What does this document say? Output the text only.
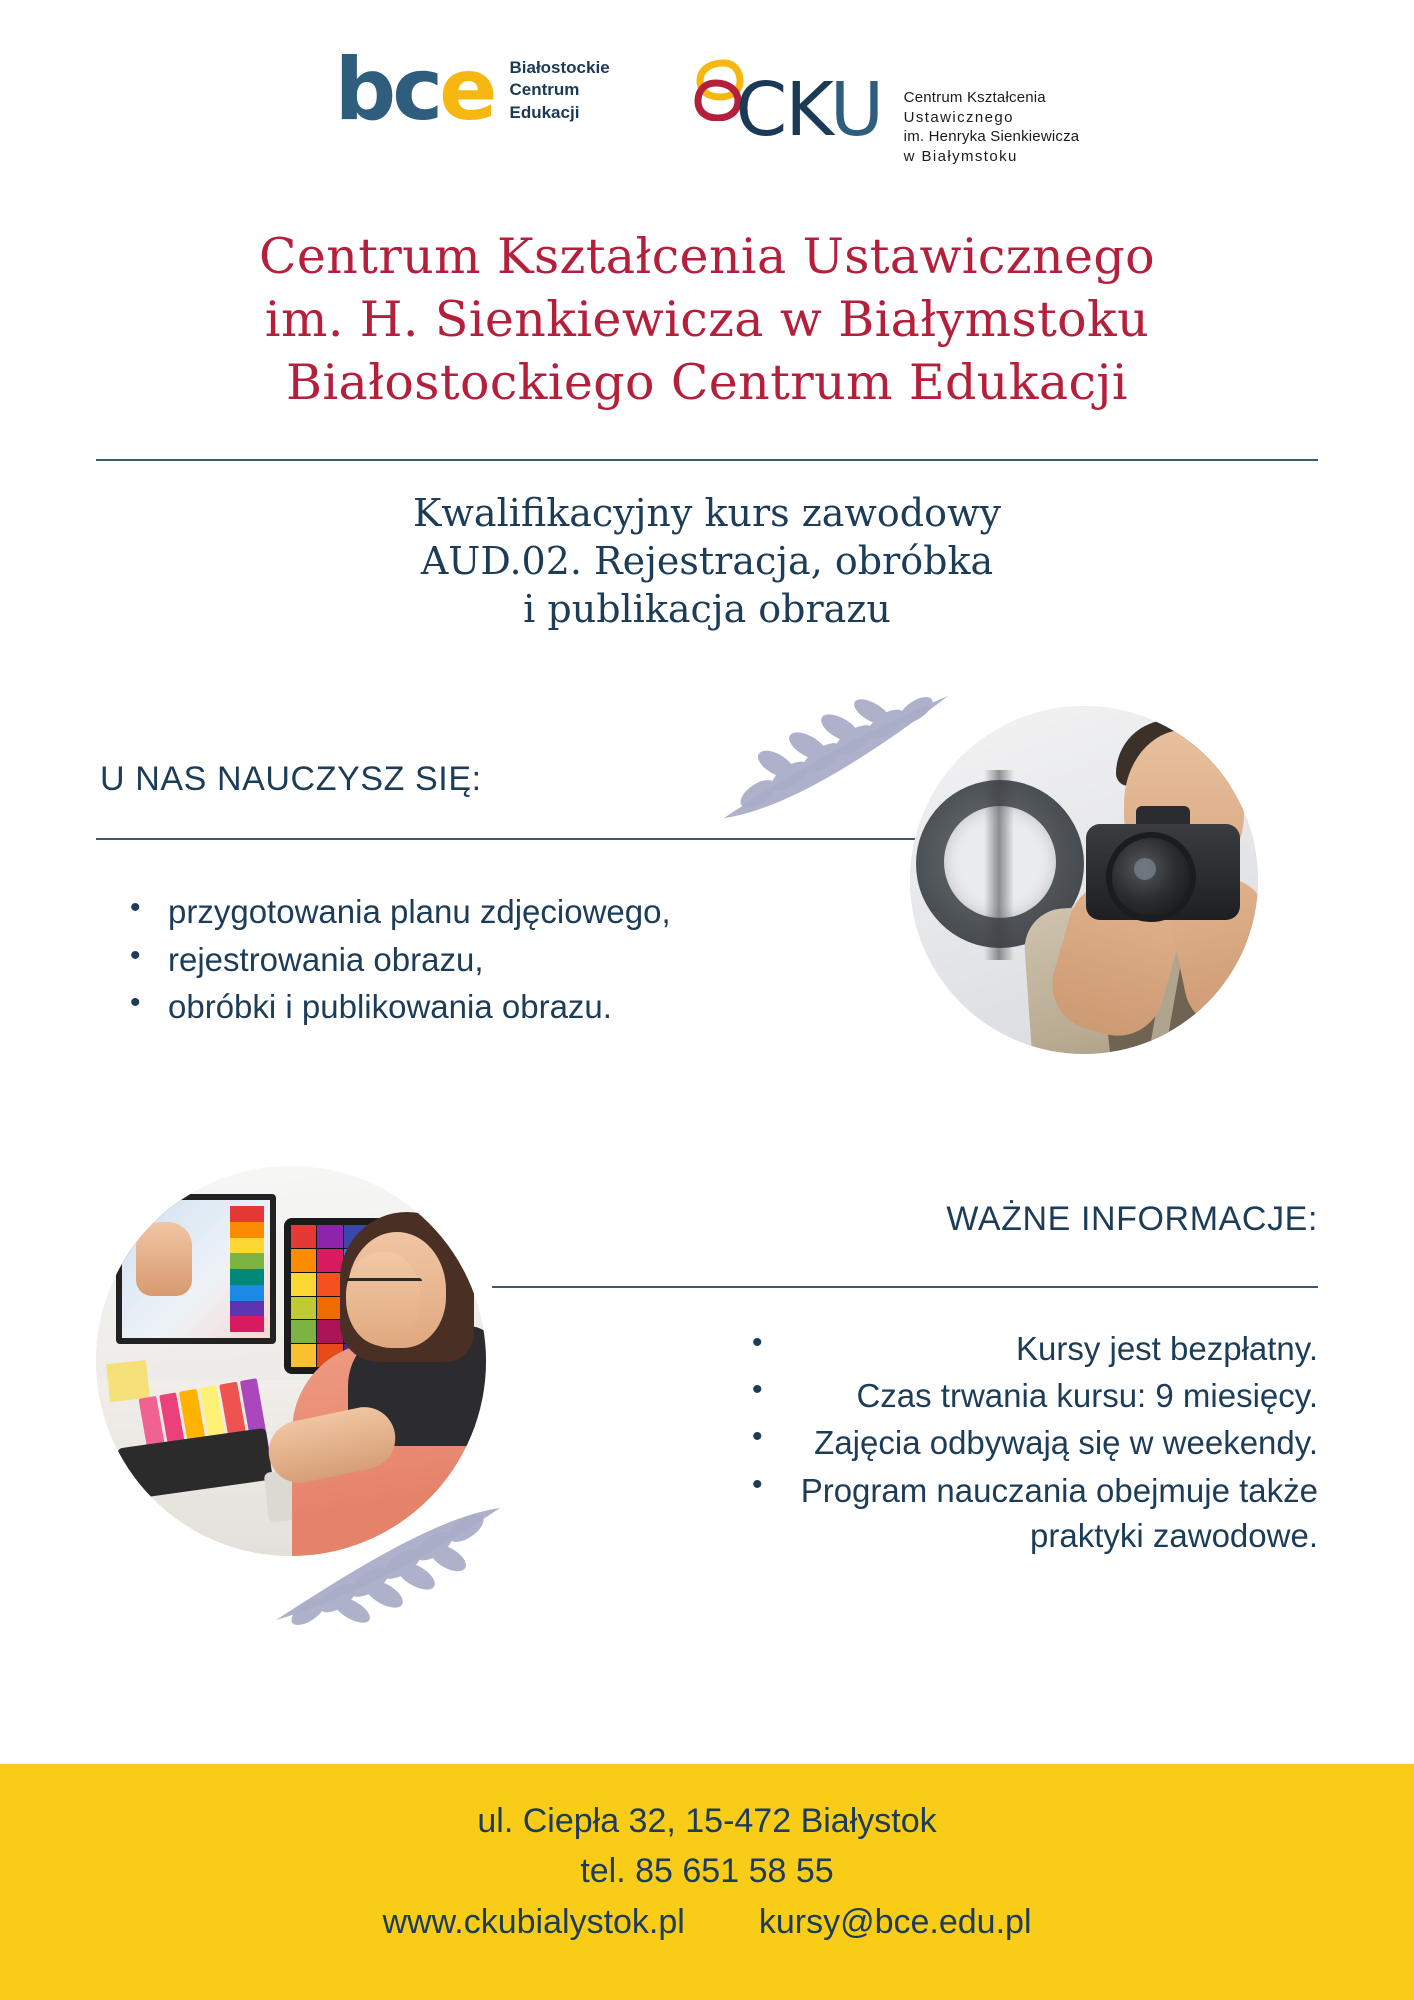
bce Białostockie
Centrum
Edukacji	CKU Centrum Kształcenia
Ustawicznego
im. Henryka Sienkiewicza
w Białymstoku
Centrum Kształcenia Ustawicznego
im. H. Sienkiewicza w Białymstoku
Białostockiego Centrum Edukacji
Kwalifikacyjny kurs zawodowy
AUD.02. Rejestracja, obróbka
i publikacja obrazu
U NAS NAUCZYSZ SIĘ:
• przygotowania planu zdjęciowego,
• rejestrowania obrazu,
• obróbki i publikowania obrazu.
WAŻNE INFORMACJE:
• Kursy jest bezpłatny.
• Czas trwania kursu: 9 miesięcy.
• Zajęcia odbywają się w weekendy.
• Program nauczania obejmuje także praktyki zawodowe.
ul. Ciepła 32, 15-472 Białystok
tel. 85 651 58 55
www.ckubialystok.pl kursy@bce.edu.pl
